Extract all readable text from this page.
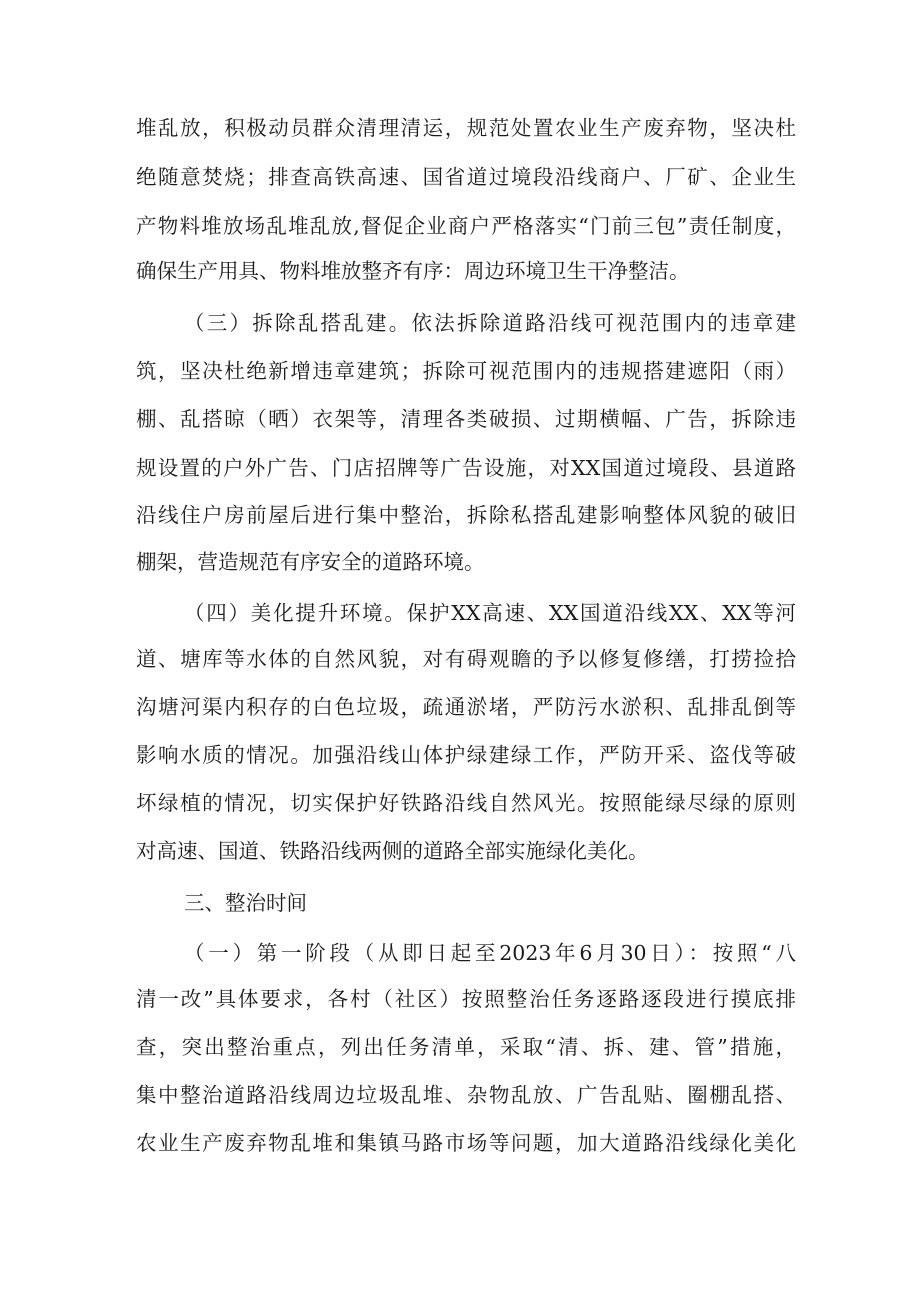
堆乱放，积极动员群众清理清运，规范处置农业生产废弃物，坚决杜
绝随意焚烧；排查高铁高速、国省道过境段沿线商户、厂矿、企业生
产物料堆放场乱堆乱放,督促企业商户严格落实“门前三包”责任制度，
确保生产用具、物料堆放整齐有序：周边环境卫生干净整洁。
（三）拆除乱搭乱建。依法拆除道路沿线可视范围内的违章建
筑，坚决杜绝新增违章建筑；拆除可视范围内的违规搭建遮阳（雨）
棚、乱搭晾（晒）衣架等，清理各类破损、过期横幅、广告，拆除违
规设置的户外广告、门店招牌等广告设施，对XX国道过境段、县道路
沿线住户房前屋后进行集中整治，拆除私搭乱建影响整体风貌的破旧
棚架，营造规范有序安全的道路环境。
（四）美化提升环境。保护XX高速、XX国道沿线XX、XX等河
道、塘库等水体的自然风貌，对有碍观瞻的予以修复修缮，打捞捡拾
沟塘河渠内积存的白色垃圾，疏通淤堵，严防污水淤积、乱排乱倒等
影响水质的情况。加强沿线山体护绿建绿工作，严防开采、盗伐等破
坏绿植的情况，切实保护好铁路沿线自然风光。按照能绿尽绿的原则
对高速、国道、铁路沿线两侧的道路全部实施绿化美化。
三、整治时间
（一）第一阶段（从即日起至2023年6月30日）：按照“八
清一改”具体要求，各村（社区）按照整治任务逐路逐段进行摸底排
查，突出整治重点，列出任务清单，采取“清、拆、建、管”措施，
集中整治道路沿线周边垃圾乱堆、杂物乱放、广告乱贴、圈棚乱搭、
农业生产废弃物乱堆和集镇马路市场等问题，加大道路沿线绿化美化
